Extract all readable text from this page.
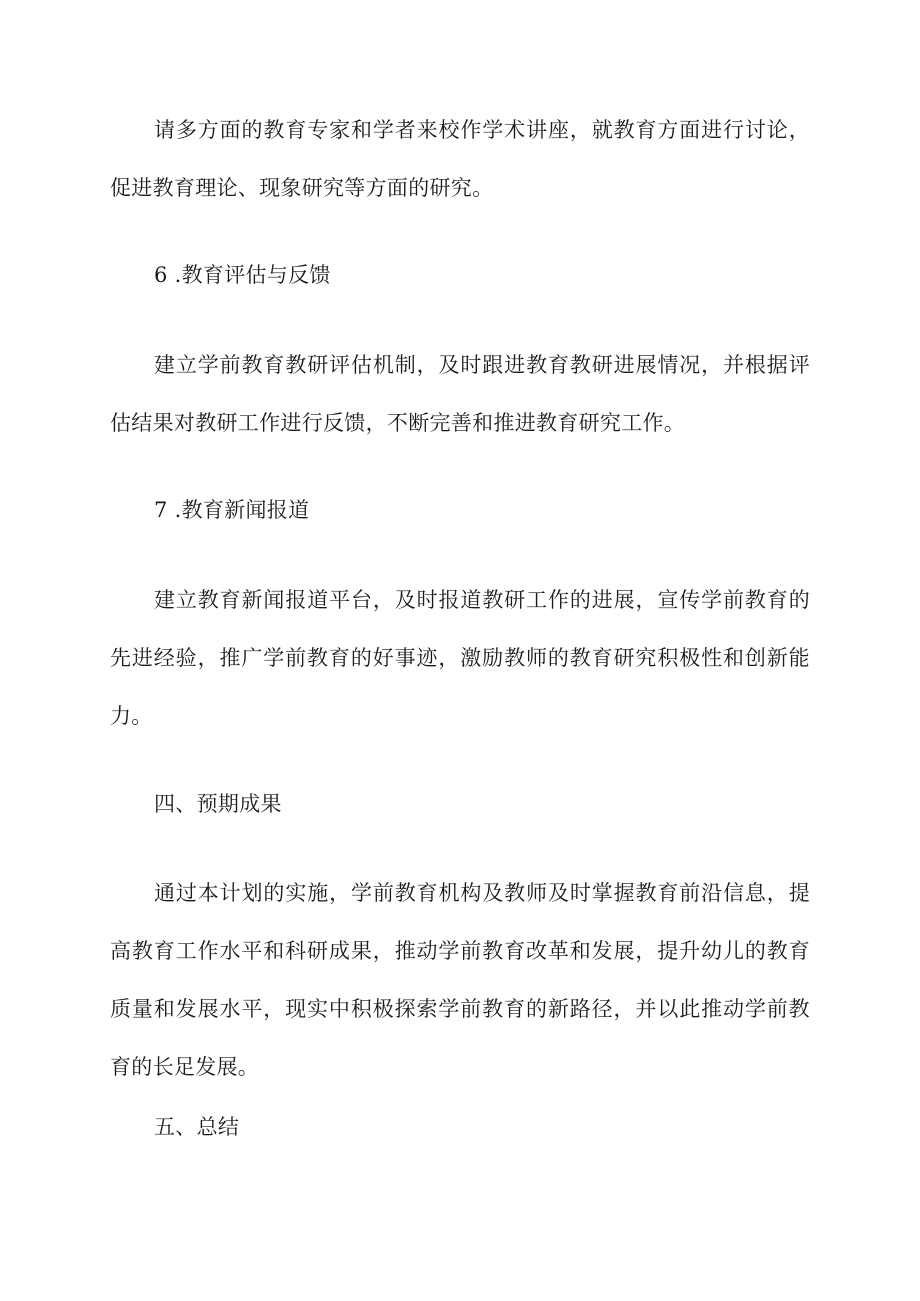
请多方面的教育专家和学者来校作学术讲座，就教育方面进行讨论，促进教育理论、现象研究等方面的研究。

6 .教育评估与反馈

建立学前教育教研评估机制，及时跟进教育教研进展情况，并根据评估结果对教研工作进行反馈，不断完善和推进教育研究工作。

7 .教育新闻报道

建立教育新闻报道平台，及时报道教研工作的进展，宣传学前教育的先进经验，推广学前教育的好事迹，激励教师的教育研究积极性和创新能力。

四、预期成果

通过本计划的实施，学前教育机构及教师及时掌握教育前沿信息，提高教育工作水平和科研成果，推动学前教育改革和发展，提升幼儿的教育质量和发展水平，现实中积极探索学前教育的新路径，并以此推动学前教育的长足发展。

五、总结
